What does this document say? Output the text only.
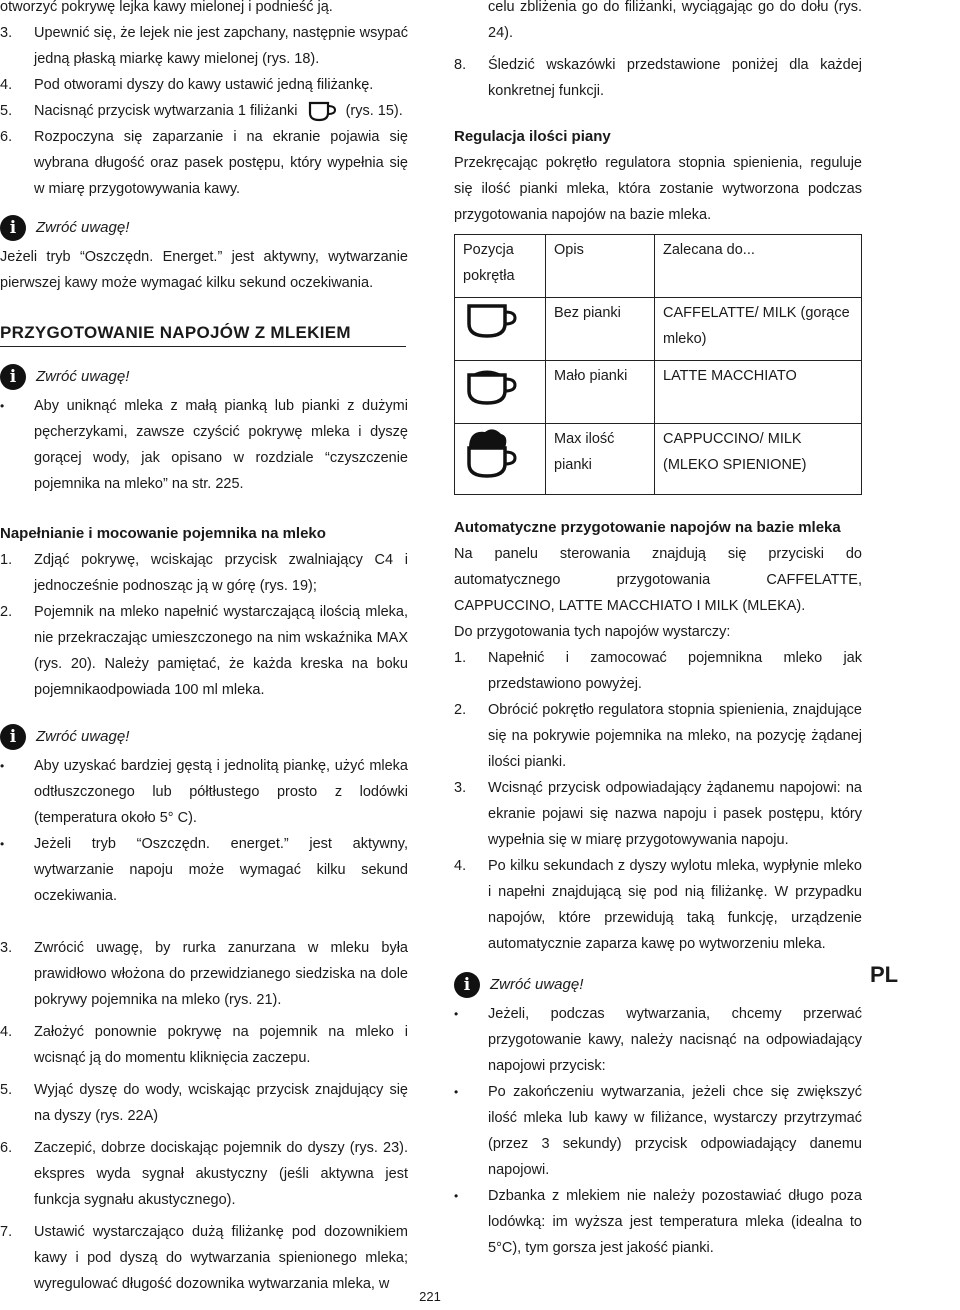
otworzyć pokrywę lejka kawy mielonej i podnieść ją.

3. Upewnić się, że lejek nie jest zapchany, następnie wsypać jedną płaską miarkę kawy mielonej (rys. 18).
4. Pod otworami dyszy do kawy ustawić jedną filiżankę.
5. Nacisnąć przycisk wytwarzania 1 filiżanki	(rys. 15).
6. Rozpoczyna się zaparzanie i na ekranie pojawia się wybrana długość oraz pasek postępu, który wypełnia się w miarę przygotowywania kawy.
i	Zwróć uwagę!

Jeżeli tryb “Oszczędn. Energet.” jest aktywny, wytwarzanie pierwszej kawy może wymagać kilku sekund oczekiwania.

PRZYGOTOWANIE NAPOJÓW Z MLEKIEM
i	Zwróć uwagę!

• Aby uniknąć mleka z małą pianką lub pianki z dużymi pęcherzykami, zawsze czyścić pokrywę mleka i dyszę gorącej wody, jak opisano w rozdziale “czyszczenie pojemnika na mleko” na str. 225.

Napełnianie i mocowanie pojemnika na mleko
1. Zdjąć pokrywę, wciskając przycisk zwalniający C4 i jednocześnie podnosząc ją w górę (rys. 19);
2. Pojemnik na mleko napełnić wystarczającą ilością mleka, nie przekraczając umieszczonego na nim wskaźnika MAX (rys. 20). Należy pamiętać, że każda kreska na boku pojemnikaodpowiada 100 ml mleka.
i	Zwróć uwagę!

• Aby uzyskać bardziej gęstą i jednolitą piankę, użyć mleka odtłuszczonego lub półtłustego prosto z lodówki (temperatura około 5° C).

• Jeżeli tryb “Oszczędn. energet.” jest aktywny, wytwarzanie napoju może wymagać kilku sekund oczekiwania.

3. Zwrócić uwagę, by rurka zanurzana w mleku była prawidłowo włożona do przewidzianego siedziska na dole pokrywy pojemnika na mleko (rys. 21).
4. Założyć ponownie pokrywę na pojemnik na mleko i wcisnąć ją do momentu kliknięcia zaczepu.
5. Wyjąć dyszę do wody, wciskając przycisk znajdujący się na dyszy (rys. 22A)
6. Zaczepić, dobrze dociskając pojemnik do dyszy (rys. 23). ekspres wyda sygnał akustyczny (jeśli aktywna jest funkcja sygnału akustycznego).
7. Ustawić wystarczająco dużą filiżankę pod dozownikiem kawy i pod dyszą do wytwarzania spienionego mleka; wyregulować długość dozownika wytwarzania mleka, w

celu zbliżenia go do filiżanki, wyciągając go do dołu (rys. 24).

8. Śledzić wskazówki przedstawione poniżej dla każdej konkretnej funkcji.
Regulacja ilości piany

Przekręcając pokrętło regulatora stopnia spienienia, reguluje się ilość pianki mleka, która zostanie wytworzona podczas przygotowania napojów na bazie mleka.

Pozycja pokrętła	Opis	Zalecana do...
	Bez pianki	CAFFELATTE/ MILK (gorące mleko)
	Mało pianki	LATTE MACCHIATO
	Max ilość pianki	CAPPUCCINO/ MILK (MLEKO SPIENIONE)
Automatyczne przygotowanie napojów na bazie mleka

Na panelu sterowania znajdują się przyciski do automatycznego przygotowania CAFFELATTE, CAPPUCCINO, LATTE MACCHIATO I MILK (MLEKA).

Do przygotowania tych napojów wystarczy:

1. Napełnić i zamocować pojemnikna mleko jak przedstawiono powyżej.
2. Obrócić pokrętło regulatora stopnia spienienia, znajdujące się na pokrywie pojemnika na mleko, na pozycję żądanej ilości pianki.
3. Wcisnąć przycisk odpowiadający żądanemu napojowi: na ekranie pojawi się nazwa napoju i pasek postępu, który wypełnia się w miarę przygotowywania napoju.
4. Po kilku sekundach z dyszy wylotu mleka, wypłynie mleko i napełni znajdującą się pod nią filiżankę. W przypadku napojów, które przewidują taką funkcję, urządzenie automatycznie zaparza kawę po wytworzeniu mleka.
i	Zwróć uwagę!

• Jeżeli, podczas wytwarzania, chcemy przerwać przygotowanie kawy, należy nacisnąć na odpowiadający napojowi przycisk:

• Po zakończeniu wytwarzania, jeżeli chce się zwiększyć ilość mleka lub kawy w filiżance, wystarczy przytrzymać (przez 3 sekundy) przycisk odpowiadający danemu napojowi.

• Dzbanka z mlekiem nie należy pozostawiać długo poza lodówką: im wyższa jest temperatura mleka (idealna to 5°C), tym gorsza jest jakość pianki.

PL
221
